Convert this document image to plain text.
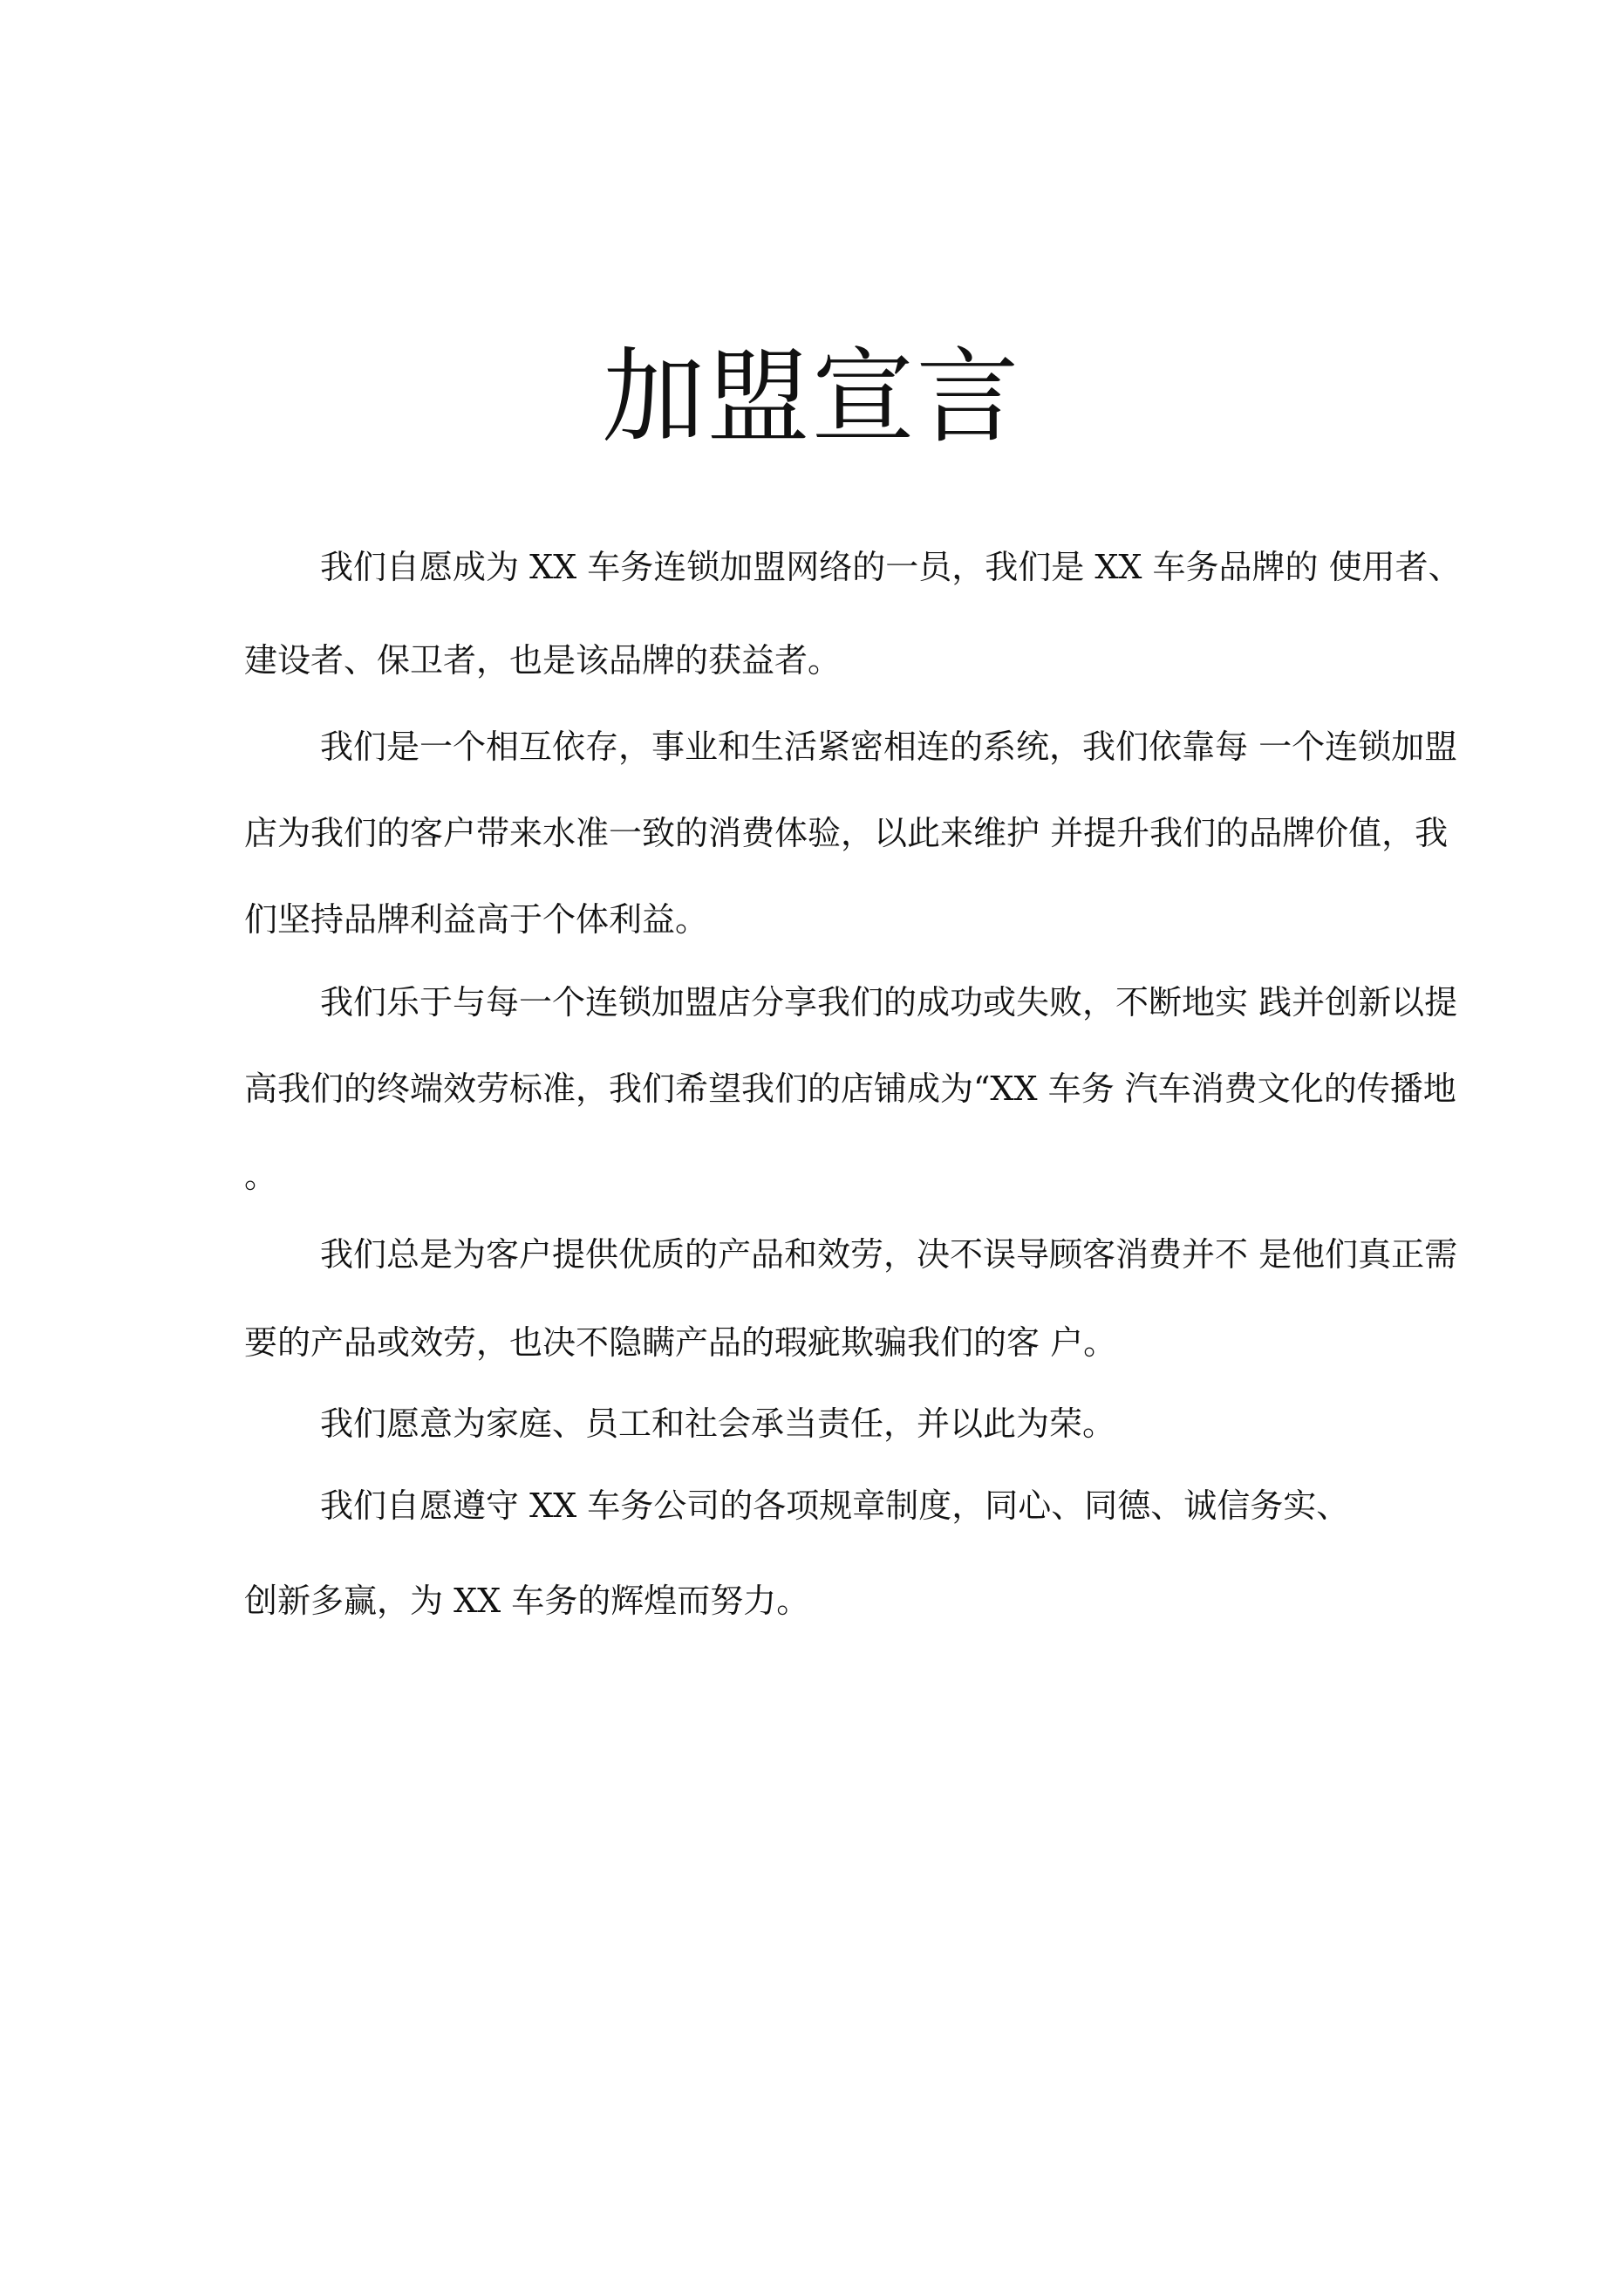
加盟宣言

我们自愿成为 XX 车务连锁加盟网络的一员，我们是 XX 车务品牌的 使用者、

建设者、保卫者，也是该品牌的获益者。

我们是一个相互依存，事业和生活紧密相连的系统，我们依靠每 一个连锁加盟

店为我们的客户带来水准一致的消费体验，以此来维护 并提升我们的品牌价值，我

们坚持品牌利益高于个体利益。

我们乐于与每一个连锁加盟店分享我们的成功或失败，不断地实 践并创新以提

高我们的终端效劳标准，我们希望我们的店铺成为“XX 车务 汽车消费文化的传播地

。

我们总是为客户提供优质的产品和效劳，决不误导顾客消费并不 是他们真正需

要的产品或效劳，也决不隐瞒产品的瑕疵欺骗我们的客 户。

我们愿意为家庭、员工和社会承当责任，并以此为荣。

我们自愿遵守 XX 车务公司的各项规章制度，同心、同德、诚信务实、

创新多赢，为 XX 车务的辉煌而努力。
